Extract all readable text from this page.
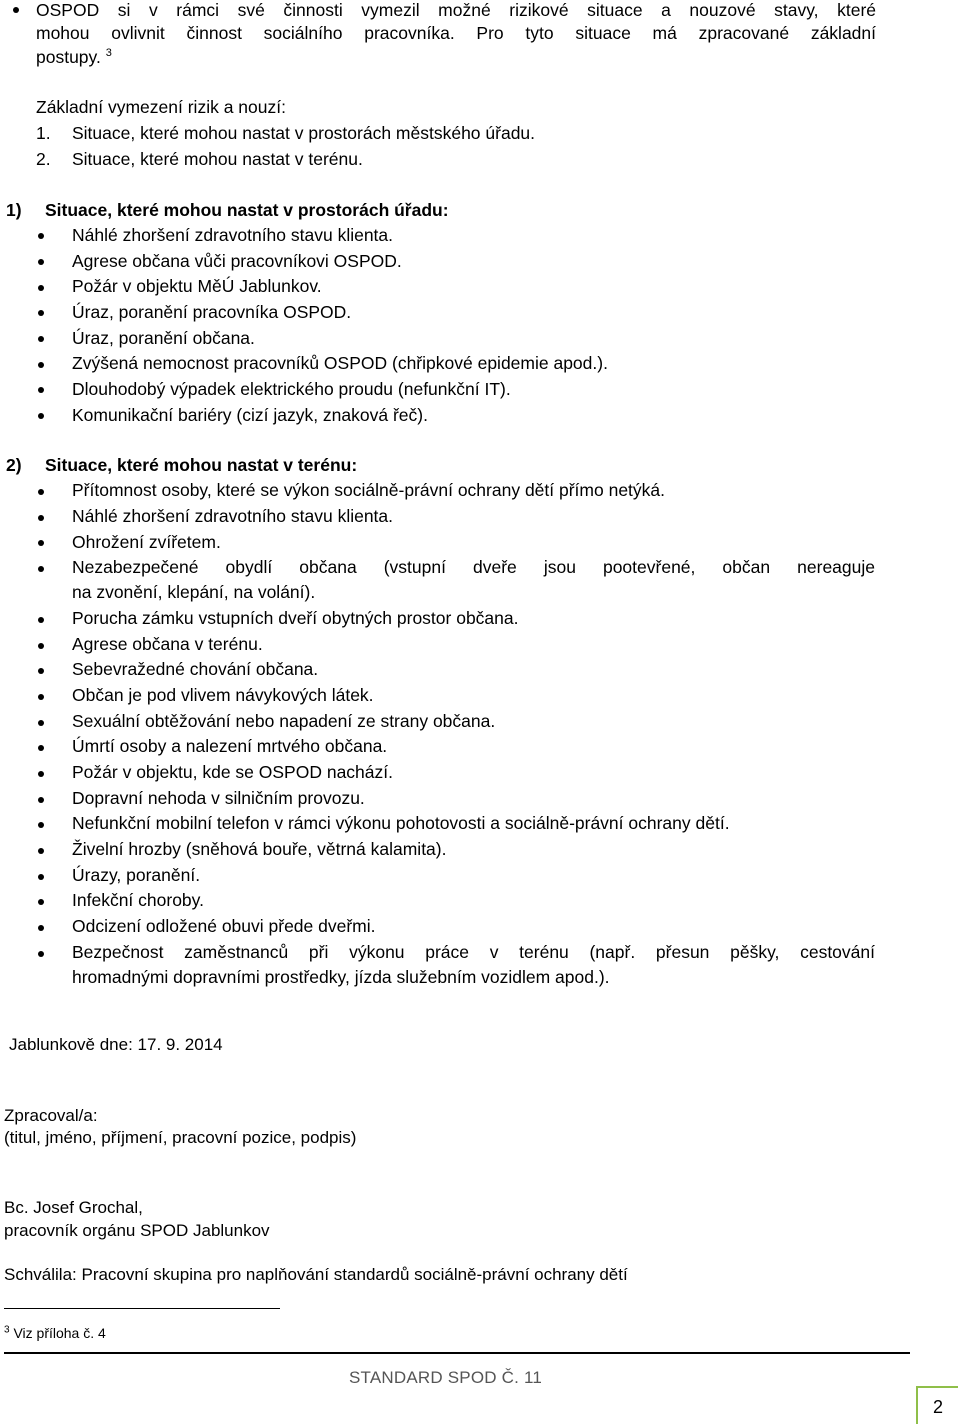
OSPOD si v rámci své činnosti vymezil možné rizikové situace a nouzové stavy, které
mohou ovlivnit činnost sociálního pracovníka. Pro tyto situace má zpracované základní
postupy. $^3$
Základní vymezení rizik a nouzí:
1. Situace, které mohou nastat v prostorách městského úřadu.
2. Situace, které mohou nastat v terénu.
1) Situace, které mohou nastat v prostorách úřadu:
Náhlé zhoršení zdravotního stavu klienta.
Agrese občana vůči pracovníkovi OSPOD.
Požár v objektu MěÚ Jablunkov.
Úraz, poranění pracovníka OSPOD.
Úraz, poranění občana.
Zvýšená nemocnost pracovníků OSPOD (chřipkové epidemie apod.).
Dlouhodobý výpadek elektrického proudu (nefunkční IT).
Komunikační bariéry (cizí jazyk, znaková řeč).
2) Situace, které mohou nastat v terénu:
Přítomnost osoby, které se výkon sociálně-právní ochrany dětí přímo netýká.
Náhlé zhoršení zdravotního stavu klienta.
Ohrožení zvířetem.
Nezabezpečené obydlí občana (vstupní dveře jsou pootevřené, občan nereaguje
na zvonění, klepání, na volání).
Porucha zámku vstupních dveří obytných prostor občana.
Agrese občana v terénu.
Sebevražedné chování občana.
Občan je pod vlivem návykových látek.
Sexuální obtěžování nebo napadení ze strany občana.
Úmrtí osoby a nalezení mrtvého občana.
Požár v objektu, kde se OSPOD nachází.
Dopravní nehoda v silničním provozu.
Nefunkční mobilní telefon v rámci výkonu pohotovosti a sociálně-právní ochrany dětí.
Živelní hrozby (sněhová bouře, větrná kalamita).
Úrazy, poranění.
Infekční choroby.
Odcizení odložené obuvi přede dveřmi.
Bezpečnost zaměstnanců při výkonu práce v terénu (např. přesun pěšky, cestování
hromadnými dopravními prostředky, jízda služebním vozidlem apod.).
Jablunkově dne: 17. 9. 2014
Zpracoval/a:
(titul, jméno, příjmení, pracovní pozice, podpis)
Bc. Josef Grochal,
pracovník orgánu SPOD Jablunkov
Schválila: Pracovní skupina pro naplňování standardů sociálně-právní ochrany dětí
$^3$ Viz příloha č. 4
STANDARD SPOD Č. 11
2
